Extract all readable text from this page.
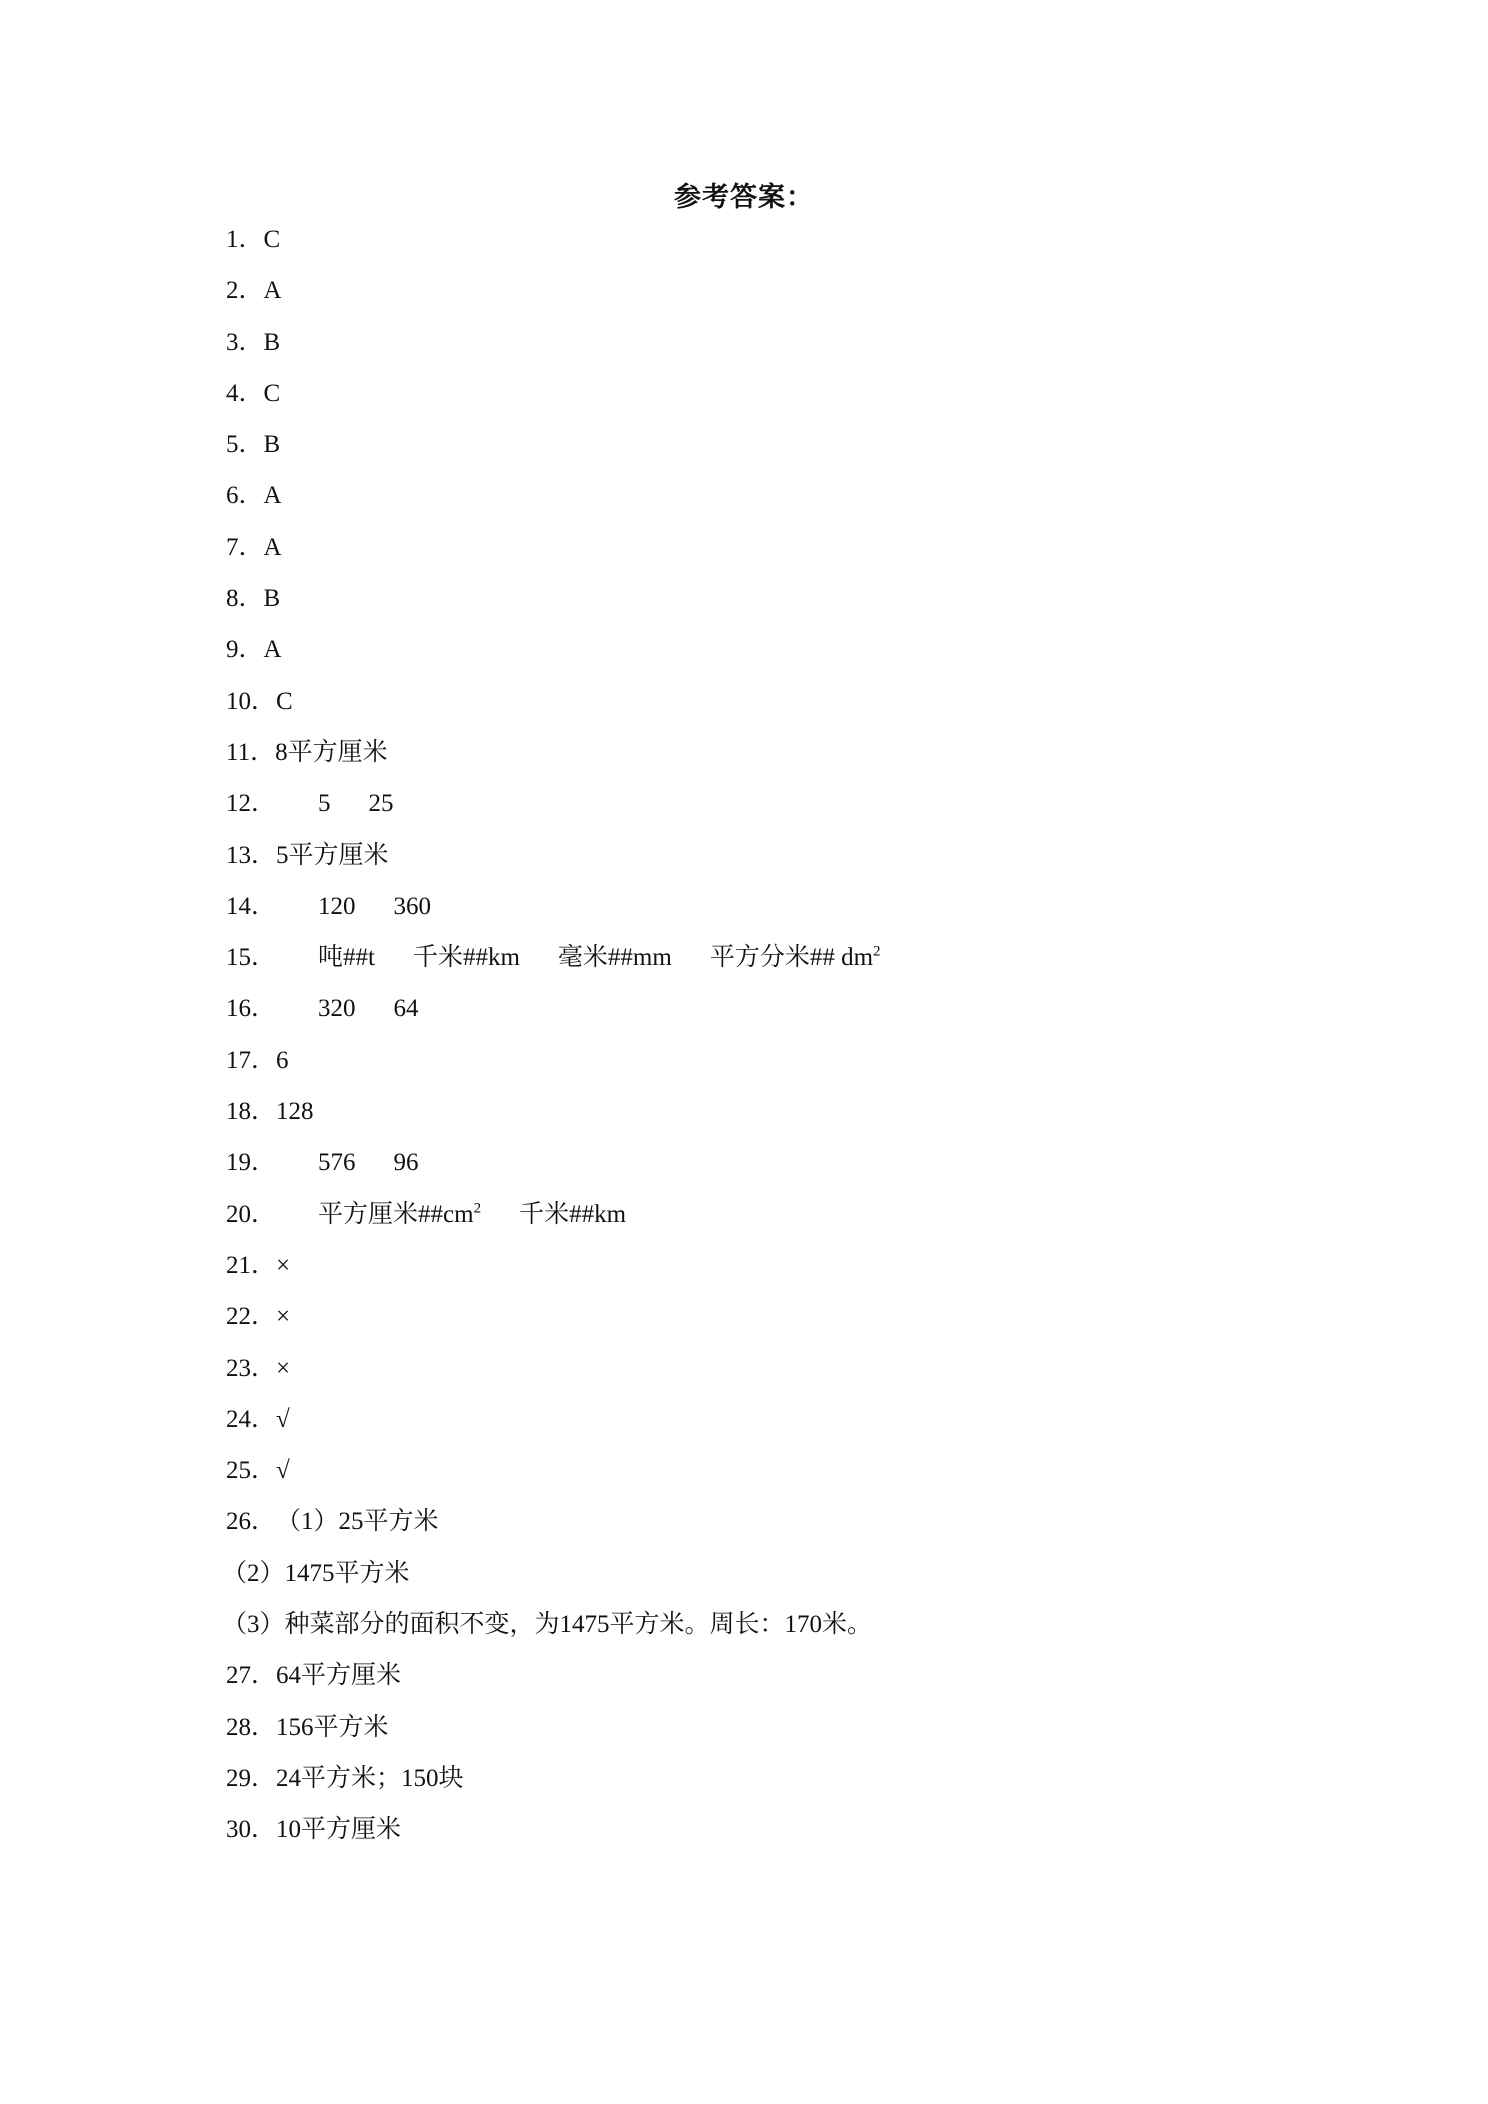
参考答案：
1．C
2．A
3．B
4．C
5．B
6．A
7．A
8．B
9．A
10．C
11．8平方厘米
12． 5 25
13．5平方厘米
14． 120 360
15． 吨##t 千米##km 毫米##mm 平方分米## $dm^2$
16． 320 64
17．6
18．128
19． 576 96
20． 平方厘米$\#\#cm^2$ 千米##km
21．×
22．×
23．×
24．√
25．√
26．（1）25平方米
（2）1475平方米
（3）种菜部分的面积不变，为1475平方米。周长：170米。
27．64平方厘米
28．156平方米
29．24平方米；150块
30．10平方厘米
